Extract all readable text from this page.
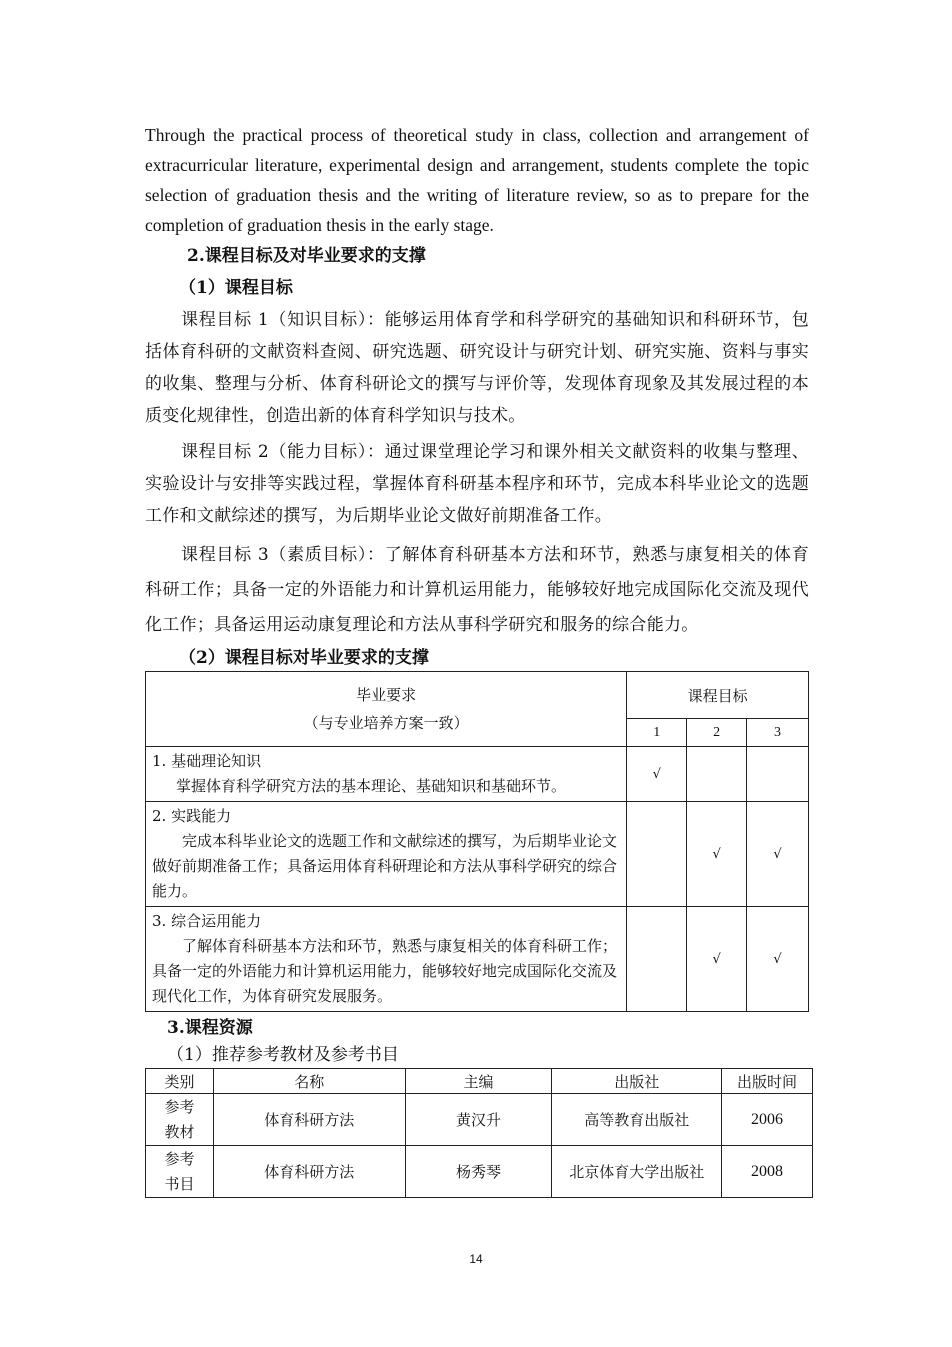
Through the practical process of theoretical study in class, collection and arrangement of extracurricular literature, experimental design and arrangement, students complete the topic selection of graduation thesis and the writing of literature review, so as to prepare for the completion of graduation thesis in the early stage.

2.课程目标及对毕业要求的支撑

（1）课程目标

课程目标 1（知识目标）：能够运用体育学和科学研究的基础知识和科研环节，包括体育科研的文献资料查阅、研究选题、研究设计与研究计划、研究实施、资料与事实的收集、整理与分析、体育科研论文的撰写与评价等，发现体育现象及其发展过程的本质变化规律性，创造出新的体育科学知识与技术。

课程目标 2（能力目标）：通过课堂理论学习和课外相关文献资料的收集与整理、实验设计与安排等实践过程，掌握体育科研基本程序和环节，完成本科毕业论文的选题工作和文献综述的撰写，为后期毕业论文做好前期准备工作。

课程目标 3（素质目标）：了解体育科研基本方法和环节，熟悉与康复相关的体育科研工作；具备一定的外语能力和计算机运用能力，能够较好地完成国际化交流及现代化工作；具备运用运动康复理论和方法从事科学研究和服务的综合能力。

（2）课程目标对毕业要求的支撑

毕业要求
（与专业培养方案一致）	课程目标		
	1	2	3

1. 基础理论知识
掌握体育科学研究方法的基本理论、基础知识和基础环节。	√		

2. 实践能力
完成本科毕业论文的选题工作和文献综述的撰写，为后期毕业论文做好前期准备工作；具备运用体育科研理论和方法从事科学研究的综合能力。		√	√

3. 综合运用能力
了解体育科研基本方法和环节，熟悉与康复相关的体育科研工作；具备一定的外语能力和计算机运用能力，能够较好地完成国际化交流及现代化工作，为体育研究发展服务。		√	√

3.课程资源

（1）推荐参考教材及参考书目

类别	名称	主编	出版社	出版时间
参考
教材	体育科研方法	黄汉升	高等教育出版社	2006
参考
书目	体育科研方法	杨秀琴	北京体育大学出版社	2008
14
